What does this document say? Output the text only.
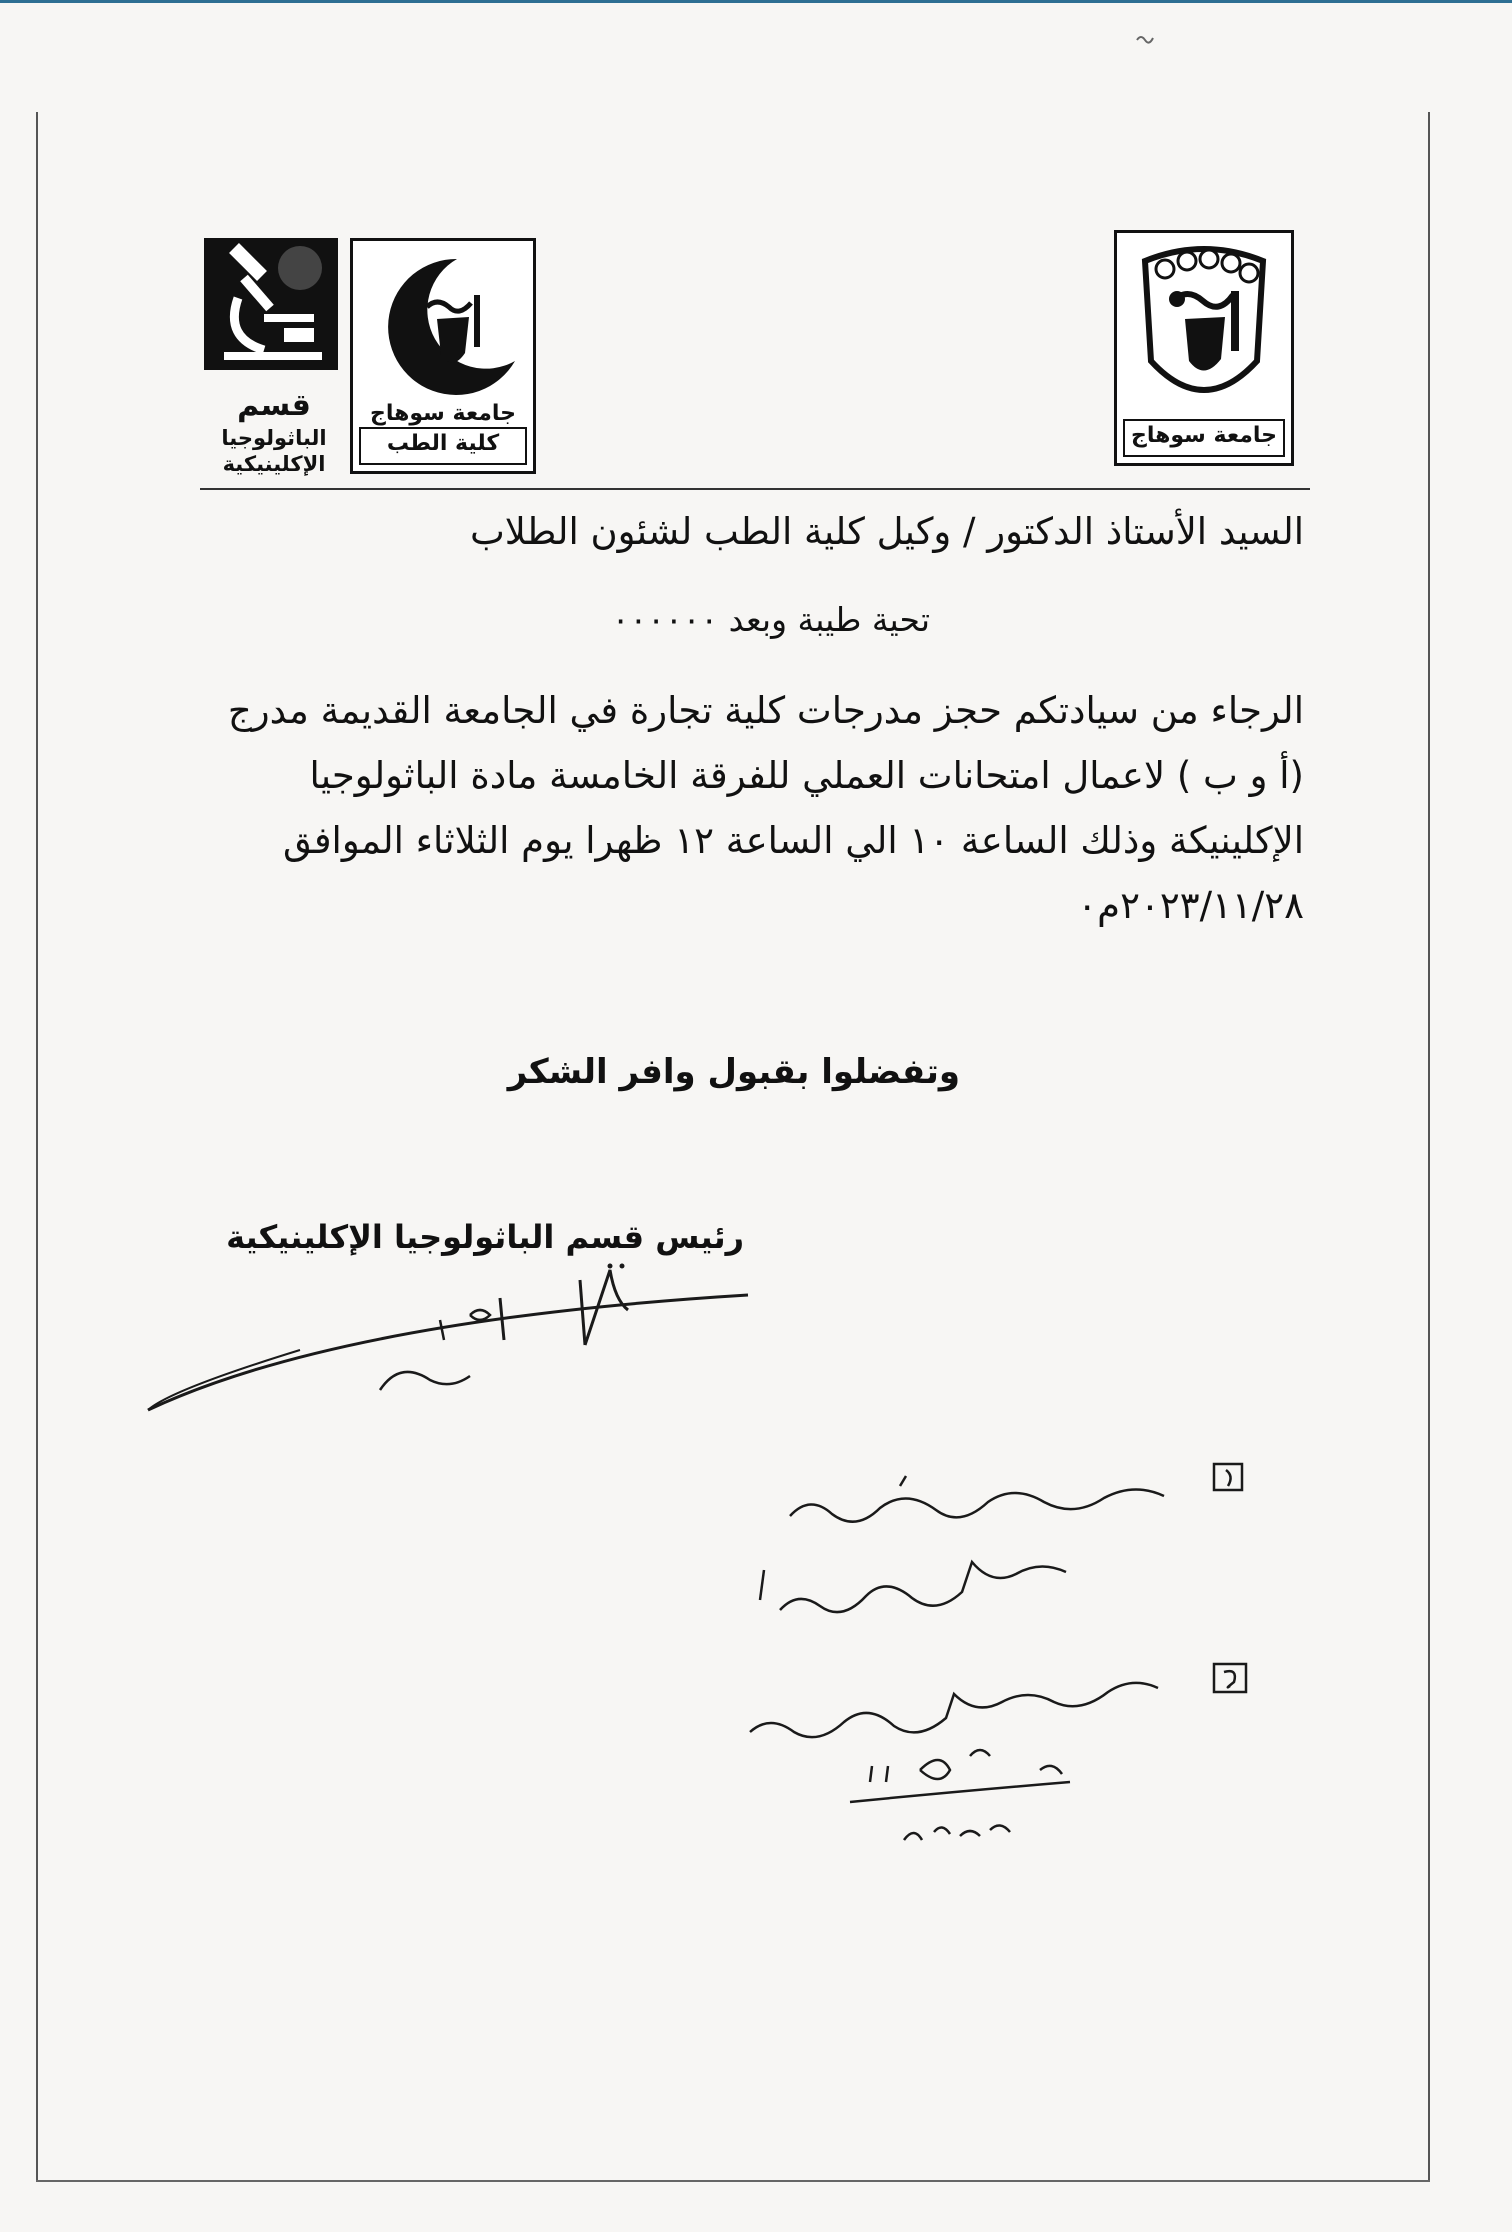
جامعة سوهاج
جامعة سوهاج
كلية الطب
قسم
الباثولوجيا
الإكلينيكية
السيد الأستاذ الدكتور / وكيل كلية الطب لشئون الطلاب
تحية طيبة وبعد ٠٠٠٠٠٠
الرجاء من سيادتكم حجز مدرجات كلية تجارة في الجامعة القديمة مدرج
(أ و ب ) لاعمال امتحانات العملي للفرقة الخامسة مادة الباثولوجيا
الإكلينيكة وذلك الساعة ١٠ الي الساعة ١٢ ظهرا يوم الثلاثاء الموافق
٢٠٢٣/١١/٢٨م٠
وتفضلوا بقبول وافر الشكر
رئيس قسم الباثولوجيا الإكلينيكية
